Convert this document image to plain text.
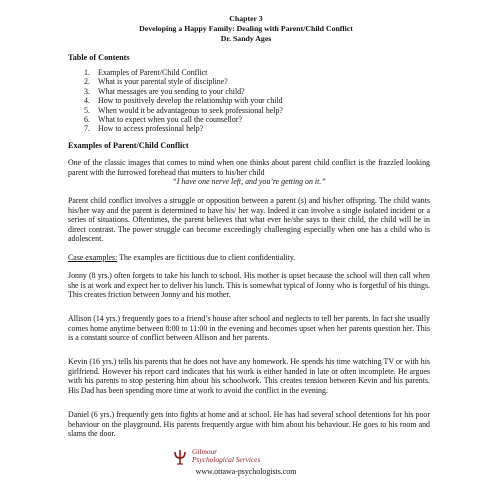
Chapter 3
Developing a Happy Family: Dealing with Parent/Child Conflict
Dr. Sandy Ages
Table of Contents
1. Examples of Parent/Child Conflict
2. What is your parental style of discipline?
3. What messages are you sending to your child?
4. How to positively develop the relationship with your child
5. When would it be advantageous to seek professional help?
6. What to expect when you call the counsellor?
7. How to access professional help?
Examples of Parent/Child Conflict
One of the classic images that comes to mind when one thinks about parent child conflict is the frazzled looking parent with the furrowed forehead that mutters to his/her child
“I have one nerve left, and you’re getting on it.”
Parent child conflict involves a struggle or opposition between a parent (s) and his/her offspring. The child wants his/her way and the parent is determined to have his/ her way. Indeed it can involve a single isolated incident or a series of situations. Oftentimes, the parent believes that what ever he/she says to their child, the child will be in direct contrast. The power struggle can become exceedingly challenging especially when one has a child who is adolescent.
Case examples: The examples are fictitious due to client confidentiality.
Jonny (8 yrs.) often forgets to take his lunch to school. His mother is upset because the school will then call when she is at work and expect her to deliver his lunch. This is somewhat typical of Jonny who is forgetful of his things. This creates friction between Jonny and his mother.
Allison (14 yrs.) frequently goes to a friend’s house after school and neglects to tell her parents. In fact she usually comes home anytime between 8:00 to 11:00 in the evening and becomes upset when her parents question her. This is a constant source of conflict between Allison and her parents.
Kevin (16 yrs.) tells his parents that he does not have any homework. He spends his time watching TV or with his girlfriend. However his report card indicates that his work is either handed in late or often incomplete. He argues with his parents to stop pestering him about his schoolwork. This creates tension between Kevin and his parents. His Dad has been spending more time at work to avoid the conflict in the evening.
Daniel (6 yrs.) frequently gets into fights at home and at school. He has had several school detentions for his poor behaviour on the playground. His parents frequently argue with him about his behaviour. He goes to his room and slams the door.
Gilmour
Psychological Services
www.ottawa-psychologists.com
